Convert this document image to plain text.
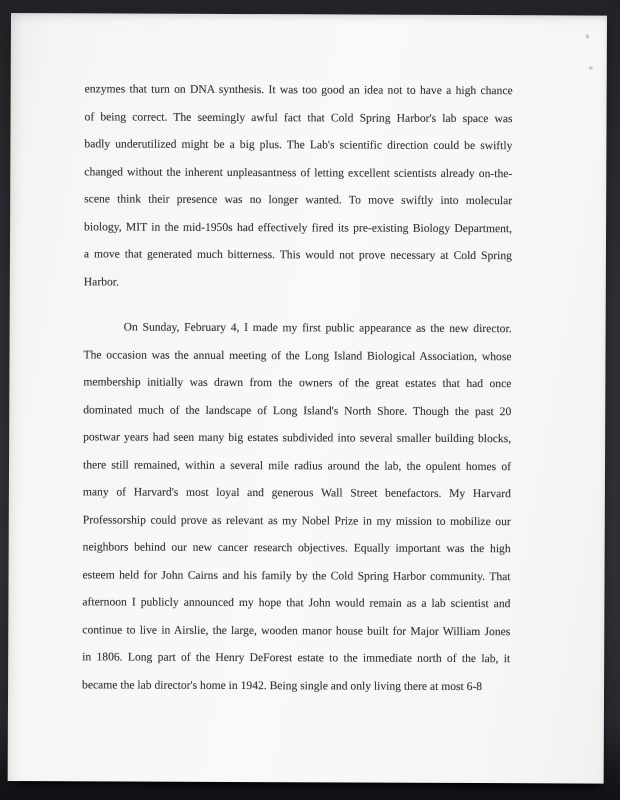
enzymes that turn on DNA synthesis. It was too good an idea not to have a high chance
of being correct. The seemingly awful fact that Cold Spring Harbor's lab space was
badly underutilized might be a big plus. The Lab's scientific direction could be swiftly
changed without the inherent unpleasantness of letting excellent scientists already on-the-
scene think their presence was no longer wanted. To move swiftly into molecular
biology, MIT in the mid-1950s had effectively fired its pre-existing Biology Department,
a move that generated much bitterness. This would not prove necessary at Cold Spring
Harbor.
On Sunday, February 4, I made my first public appearance as the new director.
The occasion was the annual meeting of the Long Island Biological Association, whose
membership initially was drawn from the owners of the great estates that had once
dominated much of the landscape of Long Island's North Shore. Though the past 20
postwar years had seen many big estates subdivided into several smaller building blocks,
there still remained, within a several mile radius around the lab, the opulent homes of
many of Harvard's most loyal and generous Wall Street benefactors. My Harvard
Professorship could prove as relevant as my Nobel Prize in my mission to mobilize our
neighbors behind our new cancer research objectives. Equally important was the high
esteem held for John Cairns and his family by the Cold Spring Harbor community. That
afternoon I publicly announced my hope that John would remain as a lab scientist and
continue to live in Airslie, the large, wooden manor house built for Major William Jones
in 1806. Long part of the Henry DeForest estate to the immediate north of the lab, it
became the lab director's home in 1942. Being single and only living there at most 6-8
